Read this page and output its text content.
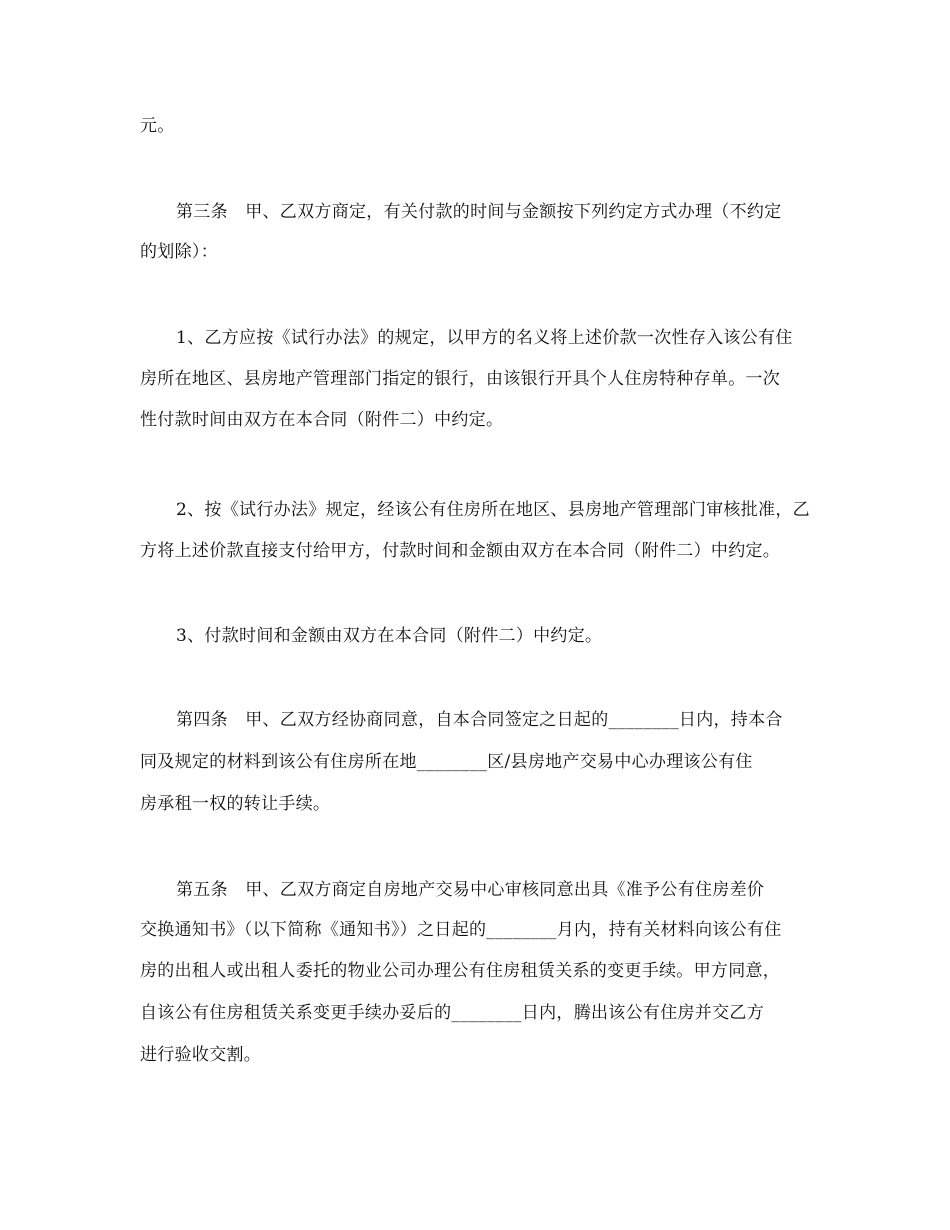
元。
第三条　甲、乙双方商定，有关付款的时间与金额按下列约定方式办理（不约定
的划除）：
1、乙方应按《试行办法》的规定，以甲方的名义将上述价款一次性存入该公有住
房所在地区、县房地产管理部门指定的银行，由该银行开具个人住房特种存单。一次
性付款时间由双方在本合同（附件二）中约定。
2、按《试行办法》规定，经该公有住房所在地区、县房地产管理部门审核批准，乙
方将上述价款直接支付给甲方，付款时间和金额由双方在本合同（附件二）中约定。
3、付款时间和金额由双方在本合同（附件二）中约定。
第四条　甲、乙双方经协商同意，自本合同签定之日起的________日内，持本合
同及规定的材料到该公有住房所在地________区/县房地产交易中心办理该公有住
房承租一权的转让手续。
第五条　甲、乙双方商定自房地产交易中心审核同意出具《准予公有住房差价
交换通知书》（以下简称《通知书》）之日起的________月内，持有关材料向该公有住
房的出租人或出租人委托的物业公司办理公有住房租赁关系的变更手续。甲方同意，
自该公有住房租赁关系变更手续办妥后的________日内，腾出该公有住房并交乙方
进行验收交割。
